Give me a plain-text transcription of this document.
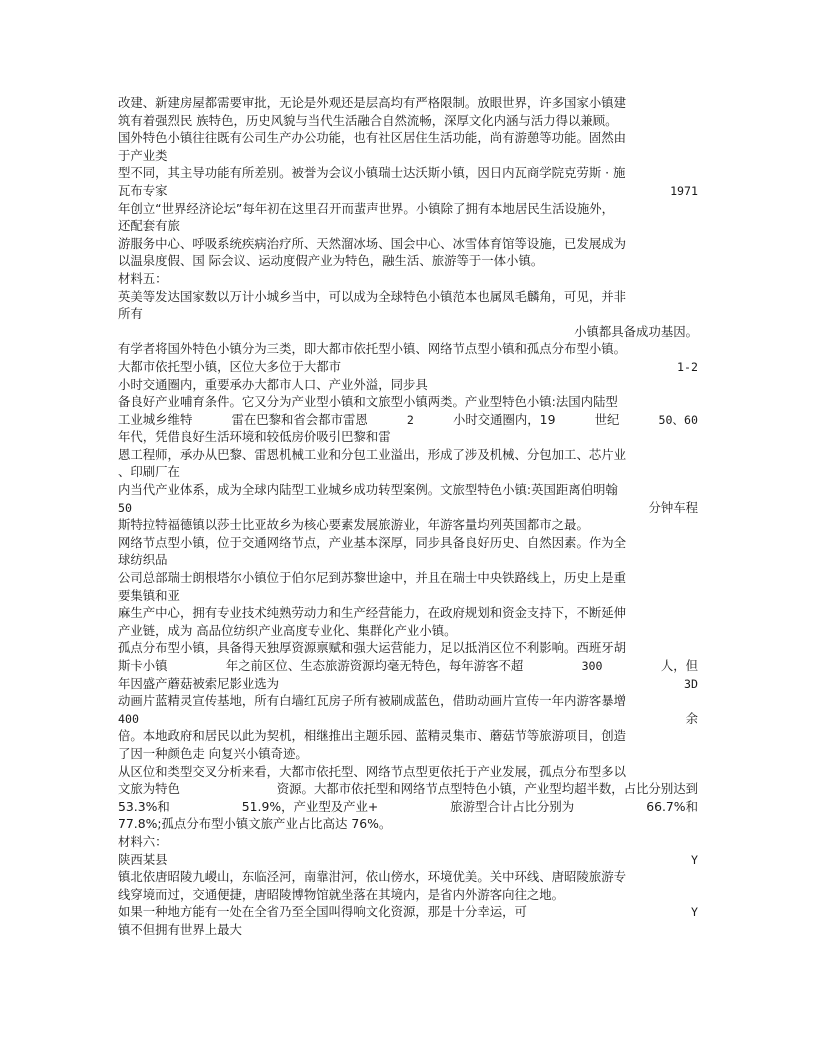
改建、新建房屋都需要审批，无论是外观还是层高均有严格限制。放眼世界，许多国家小镇建
筑有着强烈民 族特色，历史风貌与当代生活融合自然流畅，深厚文化内涵与活力得以兼顾。
国外特色小镇往往既有公司生产办公功能，也有社区居住生活功能，尚有游憩等功能。固然由
于产业类
型不同，其主导功能有所差别。被誉为会议小镇瑞士达沃斯小镇，因日内瓦商学院克劳斯 · 施
瓦布专家	1971
年创立“世界经济论坛”每年初在这里召开而蜚声世界。小镇除了拥有本地居民生活设施外，
还配套有旅
游服务中心、呼吸系统疾病治疗所、天然溜冰场、国会中心、冰雪体育馆等设施，已发展成为
以温泉度假、国 际会议、运动度假产业为特色，融生活、旅游等于一体小镇。
材料五：
英美等发达国家数以万计小城乡当中，可以成为全球特色小镇范本也属凤毛麟角，可见，并非
所有
小镇都具备成功基因。
有学者将国外特色小镇分为三类，即大都市依托型小镇、网络节点型小镇和孤点分布型小镇。
大都市依托型小镇，区位大多位于大都市	1-2
小时交通圈内，重要承办大都市人口、产业外溢，同步具
备良好产业哺育条件。它又分为产业型小镇和文旅型小镇两类。产业型特色小镇:法国内陆型
工业城乡维特	雷在巴黎和省会都市雷恩	2	小时交通圈内，19	世纪	50、60
年代，凭借良好生活环境和较低房价吸引巴黎和雷
恩工程师，承办从巴黎、雷恩机械工业和分包工业溢出，形成了涉及机械、分包加工、芯片业
、印刷厂在
内当代产业体系，成为全球内陆型工业城乡成功转型案例。文旅型特色小镇:英国距离伯明翰
50	分钟车程
斯特拉特福德镇以莎士比亚故乡为核心要素发展旅游业，年游客量均列英国都市之最。
网络节点型小镇，位于交通网络节点，产业基本深厚，同步具备良好历史、自然因素。作为全
球纺织品
公司总部瑞士朗根塔尔小镇位于伯尔尼到苏黎世途中，并且在瑞士中央铁路线上，历史上是重
要集镇和亚
麻生产中心，拥有专业技术纯熟劳动力和生产经营能力，在政府规划和资金支持下，不断延伸
产业链，成为 高品位纺织产业高度专业化、集群化产业小镇。
孤点分布型小镇，具备得天独厚资源禀赋和强大运营能力，足以抵消区位不利影响。西班牙胡
斯卡小镇	年之前区位、生态旅游资源均毫无特色，每年游客不超	300	人，但
年因盛产蘑菇被索尼影业选为	3D
动画片蓝精灵宣传基地，所有白墙红瓦房子所有被刷成蓝色，借助动画片宣传一年内游客暴增
400	余
倍。本地政府和居民以此为契机，相继推出主题乐园、蓝精灵集市、蘑菇节等旅游项目，创造
了因一种颜色走 向复兴小镇奇迹。
从区位和类型交叉分析来看，大都市依托型、网络节点型更依托于产业发展，孤点分布型多以
文旅为特色	资源。大都市依托型和网络节点型特色小镇，产业型均超半数，占比分别达到
53.3%和	51.9%，产业型及产业+	旅游型合计占比分别为	66.7%和
77.8%;孤点分布型小镇文旅产业占比高达 76%。
材料六：
陕西某县	Y
镇北依唐昭陵九嵕山，东临泾河，南靠泔河，依山傍水，环境优美。关中环线、唐昭陵旅游专
线穿境而过，交通便捷，唐昭陵博物馆就坐落在其境内，是省内外游客向往之地。
如果一种地方能有一处在全省乃至全国叫得响文化资源，那是十分幸运，可	Y
镇不但拥有世界上最大
